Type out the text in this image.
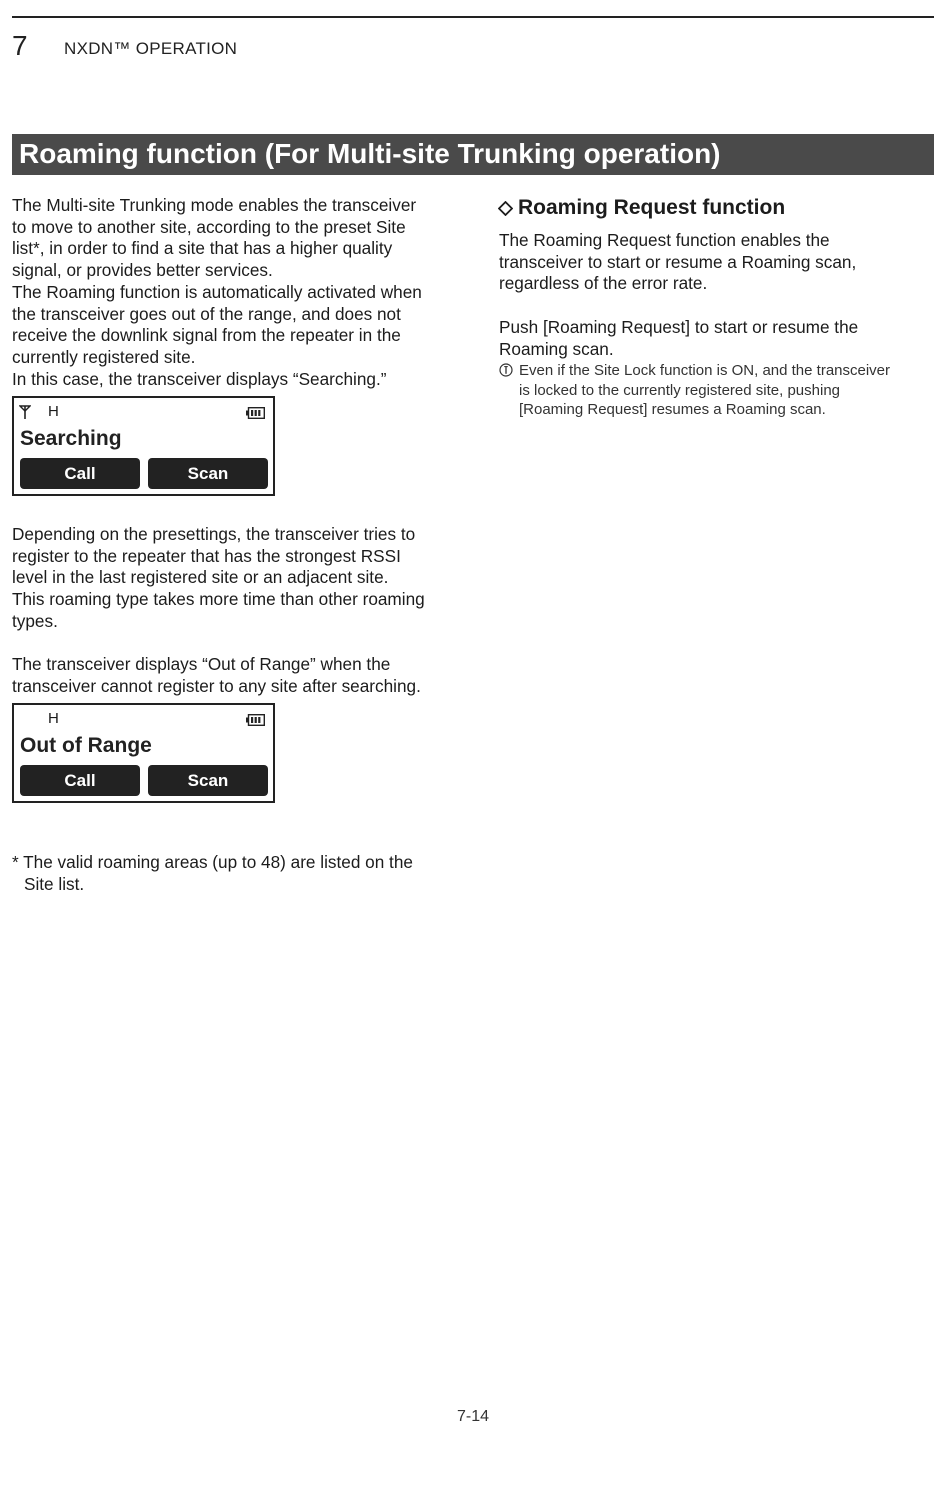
7 NXDN™ OPERATION
Roaming function (For Multi-site Trunking operation)

The Multi-site Trunking mode enables the transceiver
to move to another site, according to the preset Site
list*, in order to find a site that has a higher quality
signal, or provides better services.
The Roaming function is automatically activated when
the transceiver goes out of the range, and does not
receive the downlink signal from the repeater in the
currently registered site.
In this case, the transceiver displays “Searching.”

H
Searching
Call	Scan

Depending on the presettings, the transceiver tries to
register to the repeater that has the strongest RSSI
level in the last registered site or an adjacent site.
This roaming type takes more time than other roaming
types.

The transceiver displays “Out of Range” when the
transceiver cannot register to any site after searching.

H
Out of Range
Call	Scan

* The valid roaming areas (up to 48) are listed on the
Site list.

Roaming Request function

The Roaming Request function enables the
transceiver to start or resume a Roaming scan,
regardless of the error rate.

Push [Roaming Request] to start or resume the
Roaming scan.

Even if the Site Lock function is ON, and the transceiver
is locked to the currently registered site, pushing
[Roaming Request] resumes a Roaming scan.

7-14
